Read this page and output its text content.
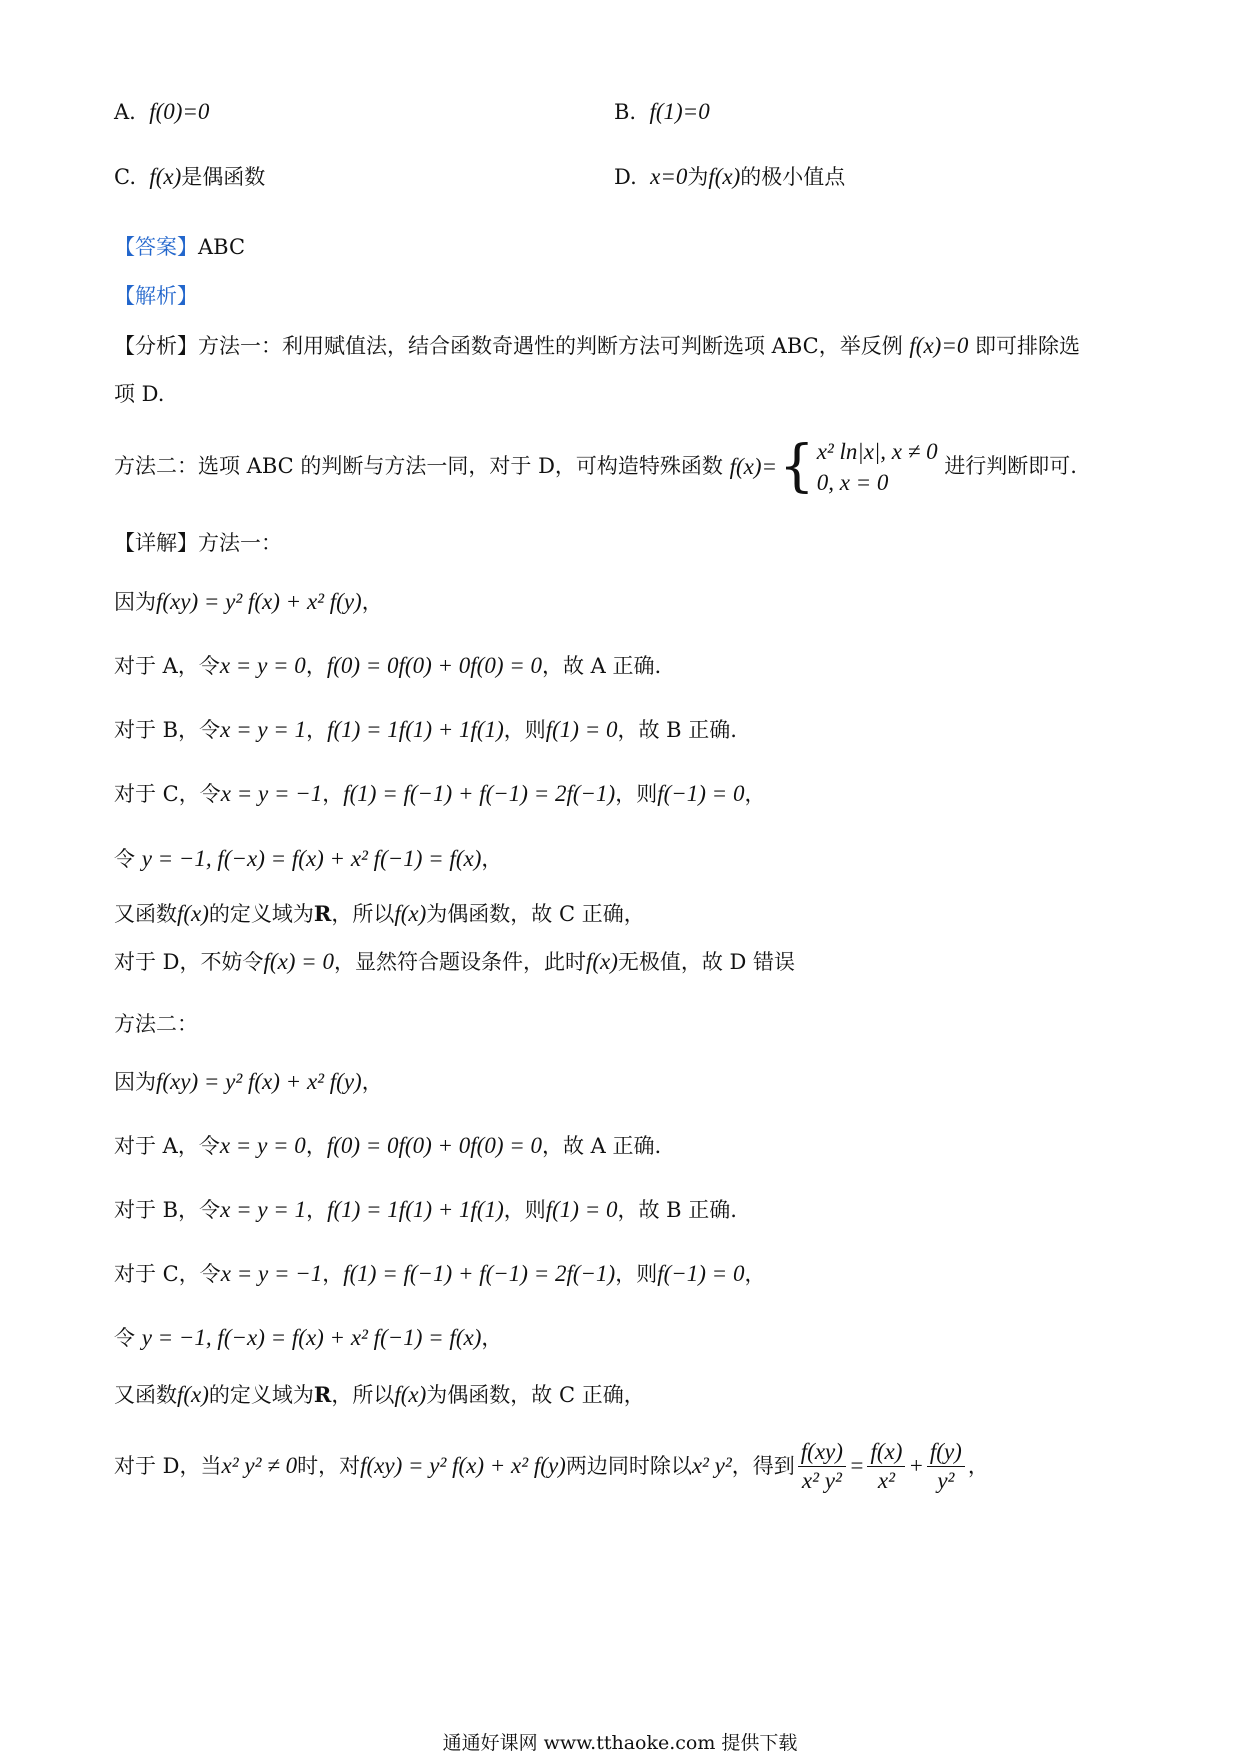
A. f(0)=0	B. f(1)=0
C. f(x)是偶函数	D. x=0为f(x)的极小值点
【答案】ABC
【解析】
【分析】方法一：利用赋值法，结合函数奇遇性的判断方法可判断选项 ABC，举反例 f(x)=0 即可排除选
项 D.
方法二：选项 ABC 的判断与方法一同，对于 D，可构造特殊函数
f(x)= { x² ln|x|, x ≠ 0
0, x = 0

进行判断即可.
【详解】方法一：
因为f(xy) = y² f(x) + x² f(y)，
对于 A，令x = y = 0，f(0) = 0f(0) + 0f(0) = 0，故 A 正确.
对于 B，令x = y = 1，f(1) = 1f(1) + 1f(1)，则f(1) = 0，故 B 正确.
对于 C，令x = y = −1，f(1) = f(−1) + f(−1) = 2f(−1)，则f(−1) = 0，
令 y = −1, f(−x) = f(x) + x² f(−1) = f(x)，
又函数f(x)的定义域为R，所以f(x)为偶函数，故 C 正确，
对于 D，不妨令f(x) = 0，显然符合题设条件，此时f(x)无极值，故 D 错误
方法二：
因为f(xy) = y² f(x) + x² f(y)，
对于 A，令x = y = 0，f(0) = 0f(0) + 0f(0) = 0，故 A 正确.
对于 B，令x = y = 1，f(1) = 1f(1) + 1f(1)，则f(1) = 0，故 B 正确.
对于 C，令x = y = −1，f(1) = f(−1) + f(−1) = 2f(−1)，则f(−1) = 0，
令 y = −1, f(−x) = f(x) + x² f(−1) = f(x)，
又函数f(x)的定义域为R，所以f(x)为偶函数，故 C 正确，
对于 D，当 x² y² ≠ 0 时，对 f(xy) = y² f(x) + x² f(y) 两边同时除以 x² y² ，得到 $\frac{f(xy)}{\text{x² y²}} = \frac{f(x)}{\text{x²}} + \frac{f(y)}{\text{y²}}$ ，
通通好课网 www.tthaoke.com 提供下载
